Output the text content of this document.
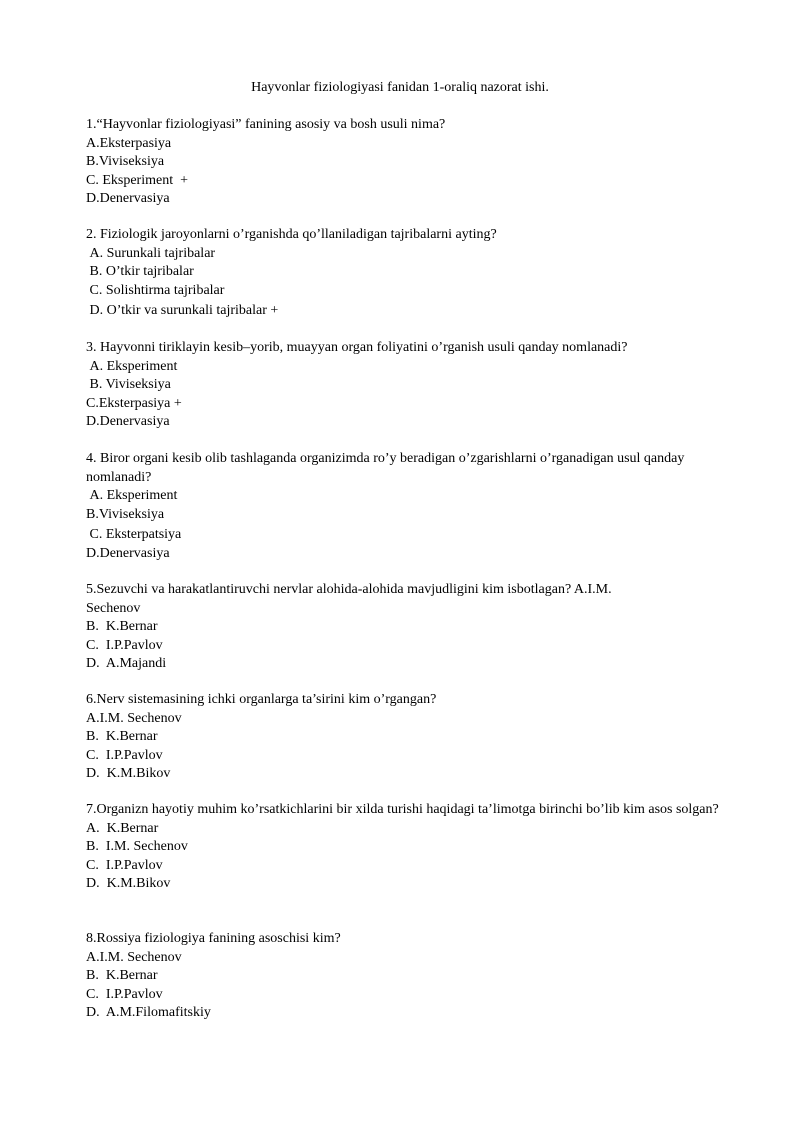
Hayvonlar fiziologiyasi fanidan 1-oraliq nazorat ishi.
1.“Hayvonlar fiziologiyasi” fanining asosiy va bosh usuli nima?
A.Eksterpasiya
B.Viviseksiya
C. Eksperiment  +
D.Denervasiya
2. Fiziologik jaroyonlarni o’rganishda qo’llaniladigan tajribalarni ayting?
A. Surunkali tajribalar
B. O’tkir tajribalar
C. Solishtirma tajribalar
D. O’tkir va surunkali tajribalar +
3. Hayvonni tiriklayin kesib–yorib, muayyan organ foliyatini o’rganish usuli qanday nomlanadi?
A. Eksperiment
B. Viviseksiya
C.Eksterpasiya +
D.Denervasiya
4. Biror organi kesib olib tashlaganda organizimda ro’y beradigan o’zgarishlarni o’rganadigan usul qanday nomlanadi?
A. Eksperiment
B.Viviseksiya
C. Eksterpatsiya
D.Denervasiya
5.Sezuvchi va harakatlantiruvchi nervlar alohida-alohida mavjudligini kim isbotlagan? A.I.M. Sechenov
B.  K.Bernar
C.  I.P.Pavlov
D.  A.Majandi
6.Nerv sistemasining ichki organlarga ta’sirini kim o’rgangan?
A.I.M. Sechenov
B.  K.Bernar
C.  I.P.Pavlov
D.  K.M.Bikov
7.Organizn hayotiy muhim ko’rsatkichlarini bir xilda turishi haqidagi ta’limotga birinchi bo’lib kim asos solgan?
A.  K.Bernar
B.  I.M. Sechenov
C.  I.P.Pavlov
D.  K.M.Bikov
8.Rossiya fiziologiya fanining asoschisi kim?
A.I.M. Sechenov
B.  K.Bernar
C.  I.P.Pavlov
D.  A.M.Filomafitskiy
